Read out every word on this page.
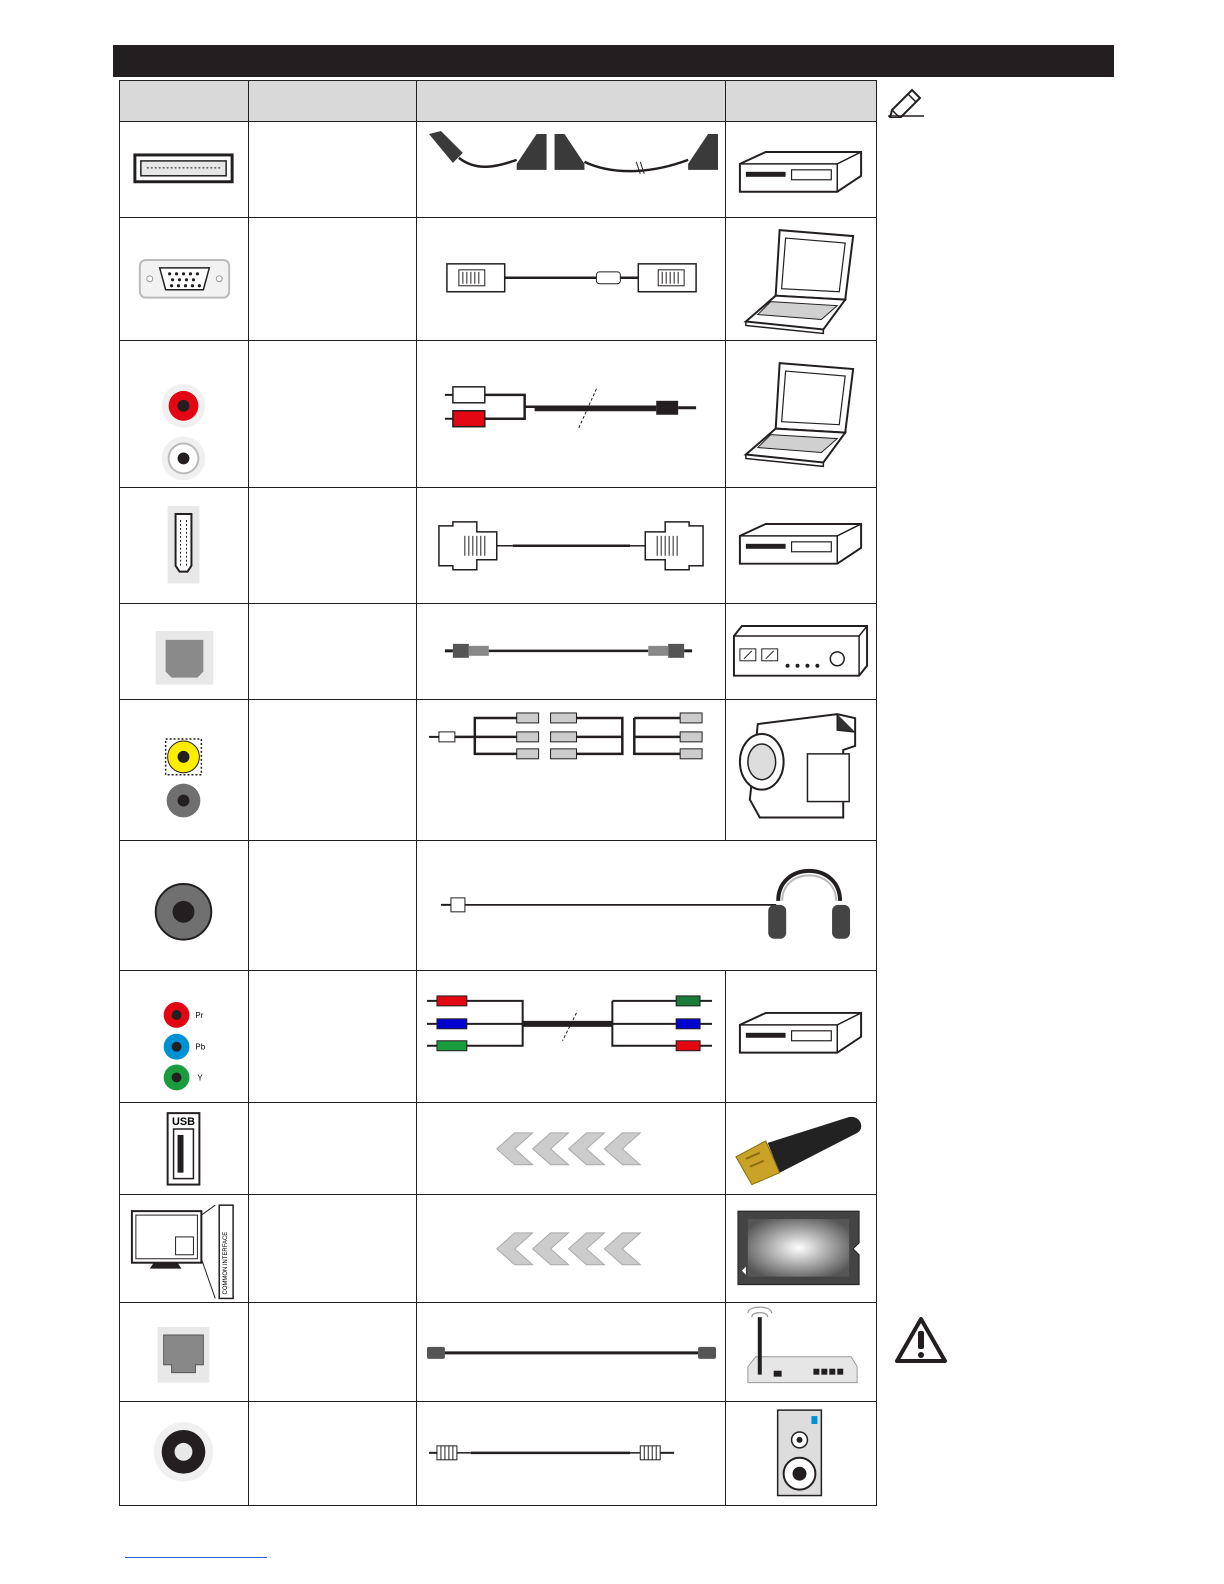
Pr
Pb
Y

USB

COMMON INTERFACE
